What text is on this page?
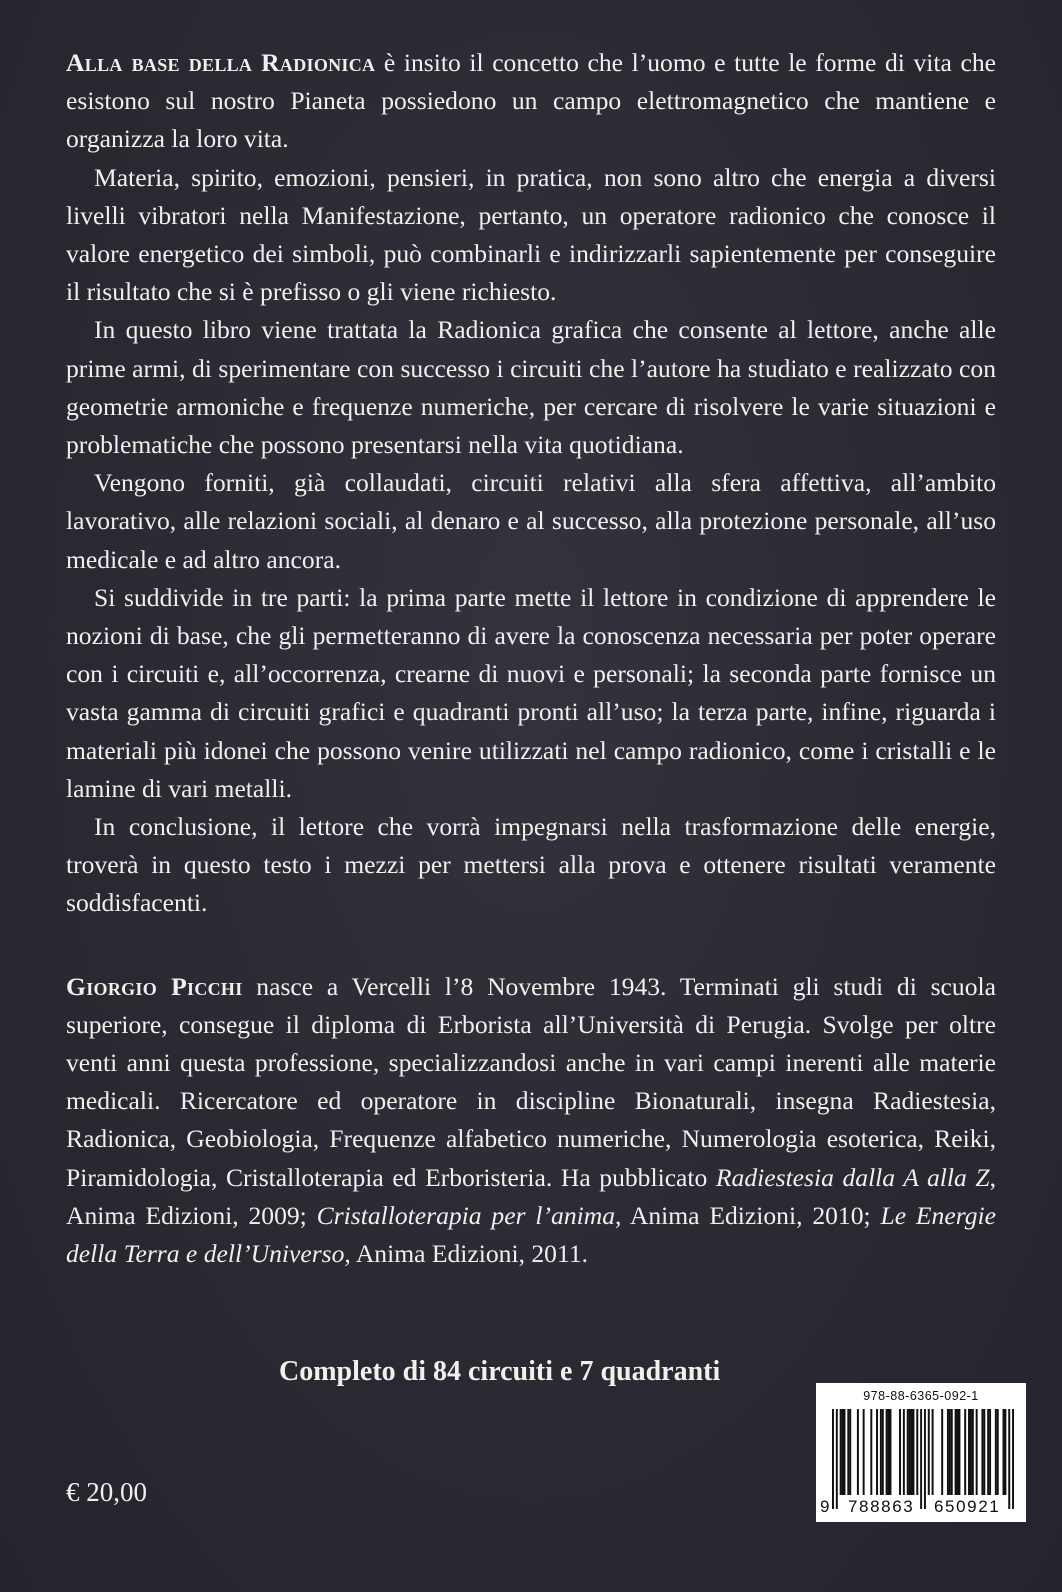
Alla base della Radionica è insito il concetto che l’uomo e tutte le forme di vita che esistono sul nostro Pianeta possiedono un campo elettromagnetico che mantiene e organizza la loro vita.

Materia, spirito, emozioni, pensieri, in pratica, non sono altro che energia a diversi livelli vibratori nella Manifestazione, pertanto, un operatore radionico che conosce il valore energetico dei simboli, può combinarli e indirizzarli sapientemente per conseguire il risultato che si è prefisso o gli viene richiesto.

In questo libro viene trattata la Radionica grafica che consente al lettore, anche alle prime armi, di sperimentare con successo i circuiti che l’autore ha studiato e realizzato con geometrie armoniche e frequenze numeriche, per cercare di risolvere le varie situazioni e problematiche che possono presentarsi nella vita quotidiana.

Vengono forniti, già collaudati, circuiti relativi alla sfera affettiva, all’ambito lavorativo, alle relazioni sociali, al denaro e al successo, alla protezione personale, all’uso medicale e ad altro ancora.

Si suddivide in tre parti: la prima parte mette il lettore in condizione di apprendere le nozioni di base, che gli permetteranno di avere la conoscenza necessaria per poter operare con i circuiti e, all’occorrenza, crearne di nuovi e personali; la seconda parte fornisce un vasta gamma di circuiti grafici e quadranti pronti all’uso; la terza parte, infine, riguarda i materiali più idonei che possono venire utilizzati nel campo radionico, come i cristalli e le lamine di vari metalli.

In conclusione, il lettore che vorrà impegnarsi nella trasformazione delle energie, troverà in questo testo i mezzi per mettersi alla prova e ottenere risultati veramente soddisfacenti.

Giorgio Picchi nasce a Vercelli l’8 Novembre 1943. Terminati gli studi di scuola superiore, consegue il diploma di Erborista all’Università di Perugia. Svolge per oltre venti anni questa professione, specializzandosi anche in vari campi inerenti alle materie medicali. Ricercatore ed operatore in discipline Bionaturali, insegna Radiestesia, Radionica, Geobiologia, Frequenze alfabetico numeriche, Numerologia esoterica, Reiki, Piramidologia, Cristalloterapia ed Erboristeria. Ha pubblicato Radiestesia dalla A alla Z, Anima Edizioni, 2009; Cristalloterapia per l’anima, Anima Edizioni, 2010; Le Energie della Terra e dell’Universo, Anima Edizioni, 2011.

Completo di 84 circuiti e 7 quadranti
€ 20,00
978-88-6365-092-1
9 788863 650921
